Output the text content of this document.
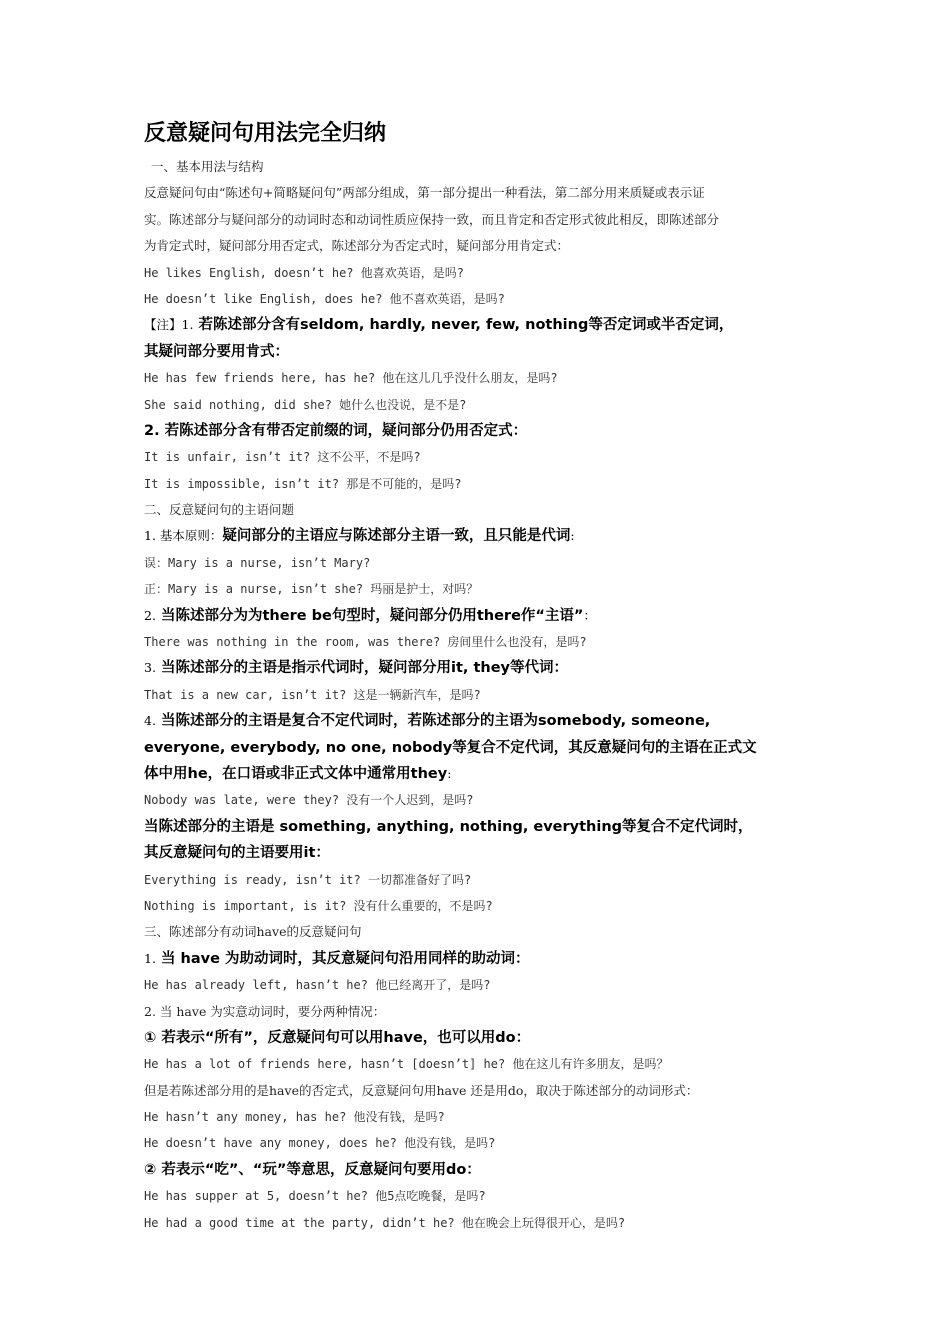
反意疑问句用法完全归纳
一、基本用法与结构
反意疑问句由“陈述句+简略疑问句”两部分组成，第一部分提出一种看法，第二部分用来质疑或表示证
实。陈述部分与疑问部分的动词时态和动词性质应保持一致，而且肯定和否定形式彼此相反，即陈述部分
为肯定式时，疑问部分用否定式，陈述部分为否定式时，疑问部分用肯定式：
He likes English, doesn’t he? 他喜欢英语，是吗?
He doesn’t like English, does he? 他不喜欢英语，是吗?
【注】1. 若陈述部分含有seldom, hardly, never, few, nothing等否定词或半否定词，
其疑问部分要用肯式：
He has few friends here, has he? 他在这儿几乎没什么朋友，是吗?
She said nothing, did she? 她什么也没说，是不是?
2. 若陈述部分含有带否定前缀的词，疑问部分仍用否定式：
It is unfair, isn’t it? 这不公平，不是吗?
It is impossible, isn’t it? 那是不可能的，是吗?
二、反意疑问句的主语问题
1. 基本原则：疑问部分的主语应与陈述部分主语一致，且只能是代词:
误：Mary is a nurse, isn’t Mary?
正：Mary is a nurse, isn’t she? 玛丽是护士，对吗？
2. 当陈述部分为为there be句型时，疑问部分仍用there作“主语”：
There was nothing in the room, was there? 房间里什么也没有，是吗?
3. 当陈述部分的主语是指示代词时，疑问部分用it, they等代词：
That is a new car, isn’t it? 这是一辆新汽车，是吗?
4. 当陈述部分的主语是复合不定代词时，若陈述部分的主语为somebody, someone,
everyone, everybody, no one, nobody等复合不定代词，其反意疑问句的主语在正式文
体中用he，在口语或非正式文体中通常用they:
Nobody was late, were they? 没有一个人迟到，是吗?
当陈述部分的主语是 something, anything, nothing, everything等复合不定代词时，
其反意疑问句的主语要用it：
Everything is ready, isn’t it? 一切都准备好了吗?
Nothing is important, is it? 没有什么重要的，不是吗?
三、陈述部分有动词have的反意疑问句
1. 当 have 为助动词时，其反意疑问句沿用同样的助动词：
He has already left, hasn’t he? 他已经离开了，是吗?
2. 当 have 为实意动词时，要分两种情况：
① 若表示“所有”，反意疑问句可以用have，也可以用do：
He has a lot of friends here, hasn’t [doesn’t] he? 他在这儿有许多朋友，是吗？
但是若陈述部分用的是have的否定式，反意疑问句用have 还是用do，取决于陈述部分的动词形式：
He hasn’t any money, has he? 他没有钱，是吗?
He doesn’t have any money, does he? 他没有钱，是吗?
② 若表示“吃”、“玩”等意思，反意疑问句要用do：
He has supper at 5, doesn’t he? 他5点吃晚餐，是吗?
He had a good time at the party, didn’t he? 他在晚会上玩得很开心，是吗?
